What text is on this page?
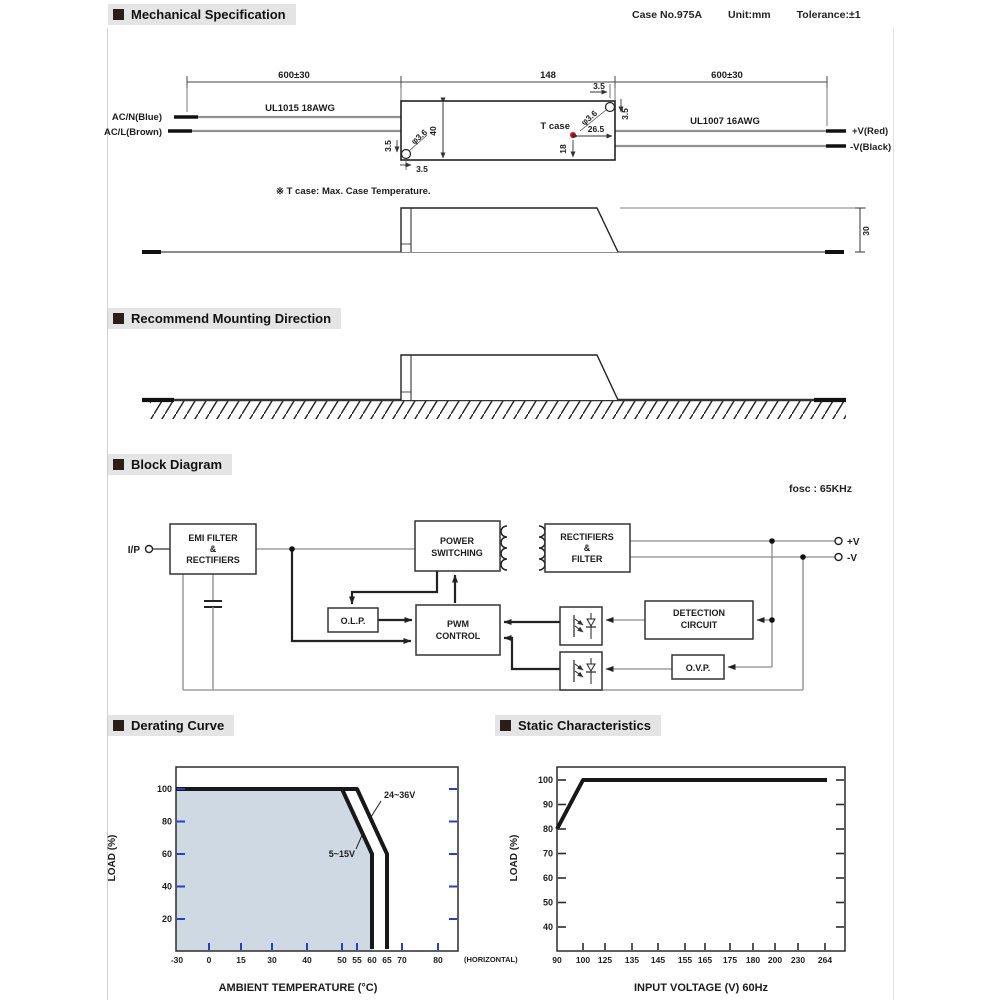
Mechanical Specification	Case No.975A Unit:mm Tolerance:±1
Recommend Mounting Direction
Block Diagram
fosc : 65KHz
Derating Curve	Static Characteristics
600±30	148	600±30
AC/N(Blue)
AC/L(Brown)
UL1015 18AWG
UL1007 16AWG
+V(Red)
-V(Black)
40
3.5
φ3.6 3.5
φ3.6
3.5
3.5
T case 26.5
18
※ T case: Max. Case Temperature.
30
I/P
+V
-V
EMI FILTER
&
RECTIFIERS
POWER
SWITCHING
RECTIFIERS
&
FILTER
O.L.P.	PWM
CONTROL
DETECTION
CIRCUIT
O.V.P.
100
80
60
40
20
-30	0	15	30	40	50 55 60 65 70	80	(HORIZONTAL)
24~36V
5~15V
LOAD (%)
AMBIENT TEMPERATURE (°C)
100
90
80
70
60
50
40
90 100 125 135 145 155 165 175 180 200 230 264
LOAD (%)
INPUT VOLTAGE (V) 60Hz
